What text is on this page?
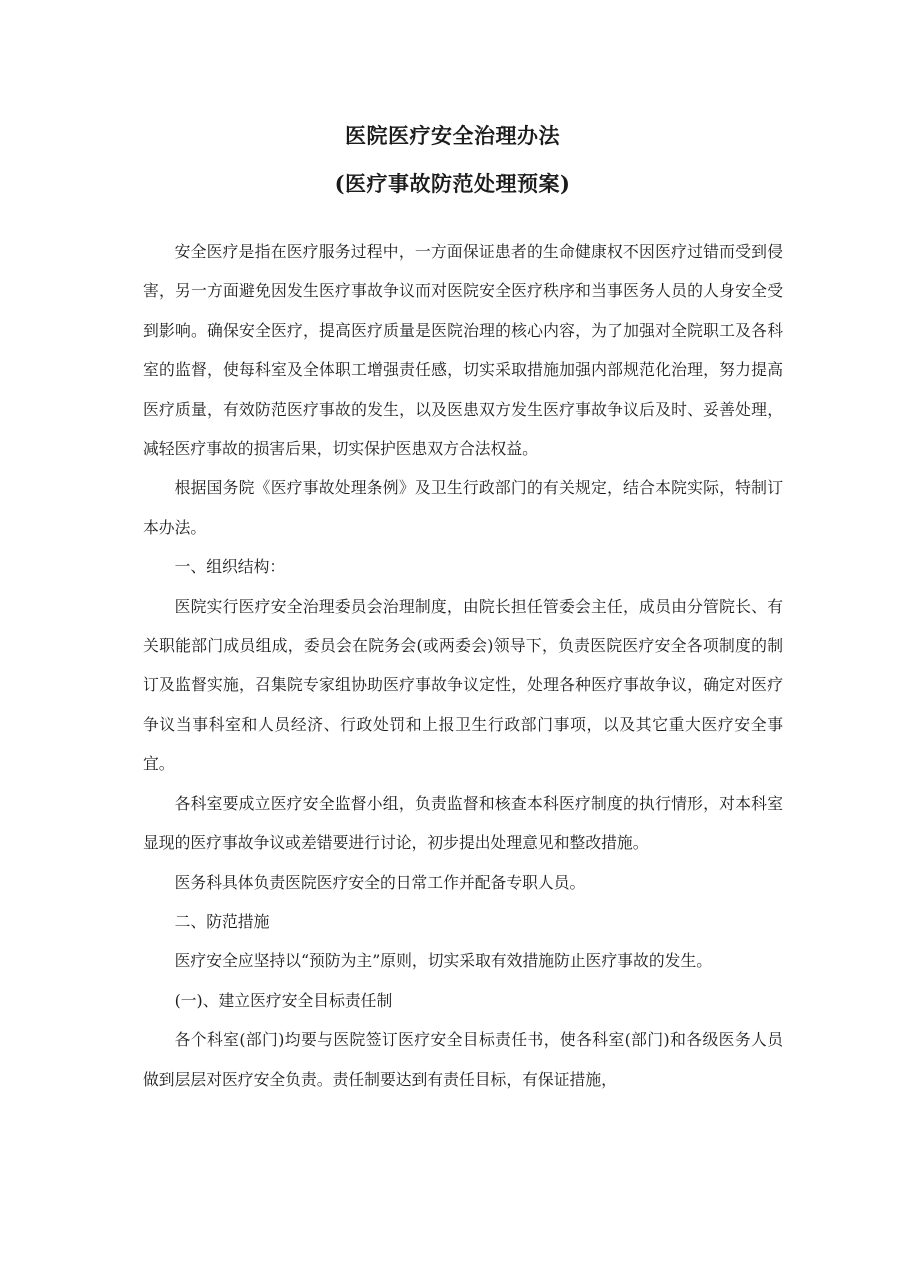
医院医疗安全治理办法
(医疗事故防范处理预案)

安全医疗是指在医疗服务过程中，一方面保证患者的生命健康权不因医疗过错而受到侵害，另一方面避免因发生医疗事故争议而对医院安全医疗秩序和当事医务人员的人身安全受到影响。确保安全医疗，提高医疗质量是医院治理的核心内容，为了加强对全院职工及各科室的监督，使每科室及全体职工增强责任感，切实采取措施加强内部规范化治理，努力提高医疗质量，有效防范医疗事故的发生，以及医患双方发生医疗事故争议后及时、妥善处理，减轻医疗事故的损害后果，切实保护医患双方合法权益。

根据国务院《医疗事故处理条例》及卫生行政部门的有关规定，结合本院实际，特制订本办法。

一、组织结构：

医院实行医疗安全治理委员会治理制度，由院长担任管委会主任，成员由分管院长、有关职能部门成员组成，委员会在院务会(或两委会)领导下，负责医院医疗安全各项制度的制订及监督实施，召集院专家组协助医疗事故争议定性，处理各种医疗事故争议，确定对医疗争议当事科室和人员经济、行政处罚和上报卫生行政部门事项，以及其它重大医疗安全事宜。

各科室要成立医疗安全监督小组，负责监督和核查本科医疗制度的执行情形，对本科室显现的医疗事故争议或差错要进行讨论，初步提出处理意见和整改措施。

医务科具体负责医院医疗安全的日常工作并配备专职人员。

二、防范措施

医疗安全应坚持以“预防为主”原则，切实采取有效措施防止医疗事故的发生。

(一)、建立医疗安全目标责任制

各个科室(部门)均要与医院签订医疗安全目标责任书，使各科室(部门)和各级医务人员做到层层对医疗安全负责。责任制要达到有责任目标，有保证措施，
